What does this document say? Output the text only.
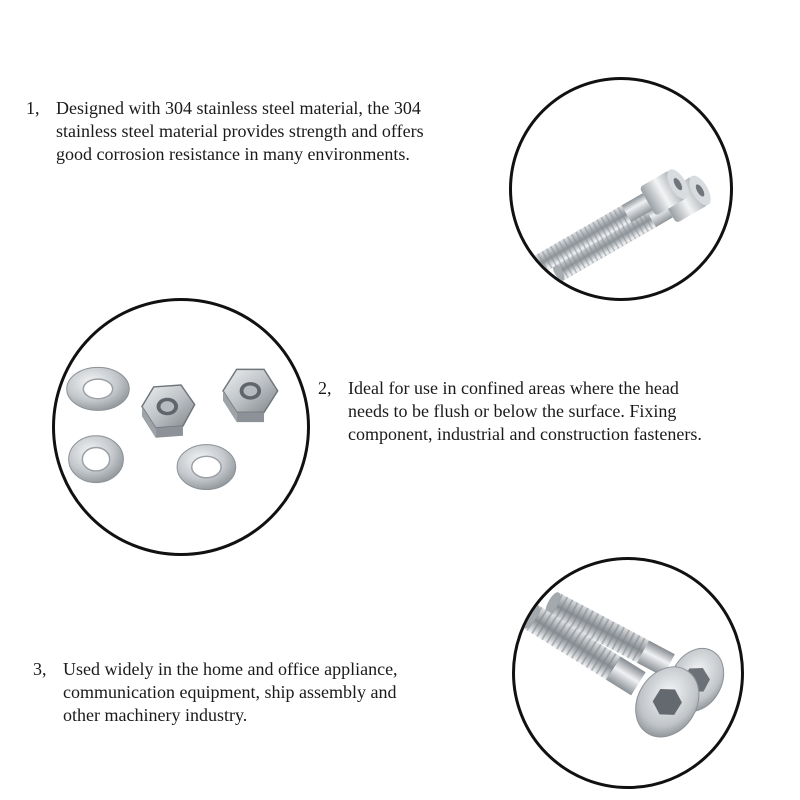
1, Designed with 304 stainless steel material, the 304
stainless steel material provides strength and offers
good corrosion resistance in many environments.
2, Ideal for use in confined areas where the head
needs to be flush or below the surface. Fixing
component, industrial and construction fasteners.
3, Used widely in the home and office appliance,
communication equipment, ship assembly and
other machinery industry.
